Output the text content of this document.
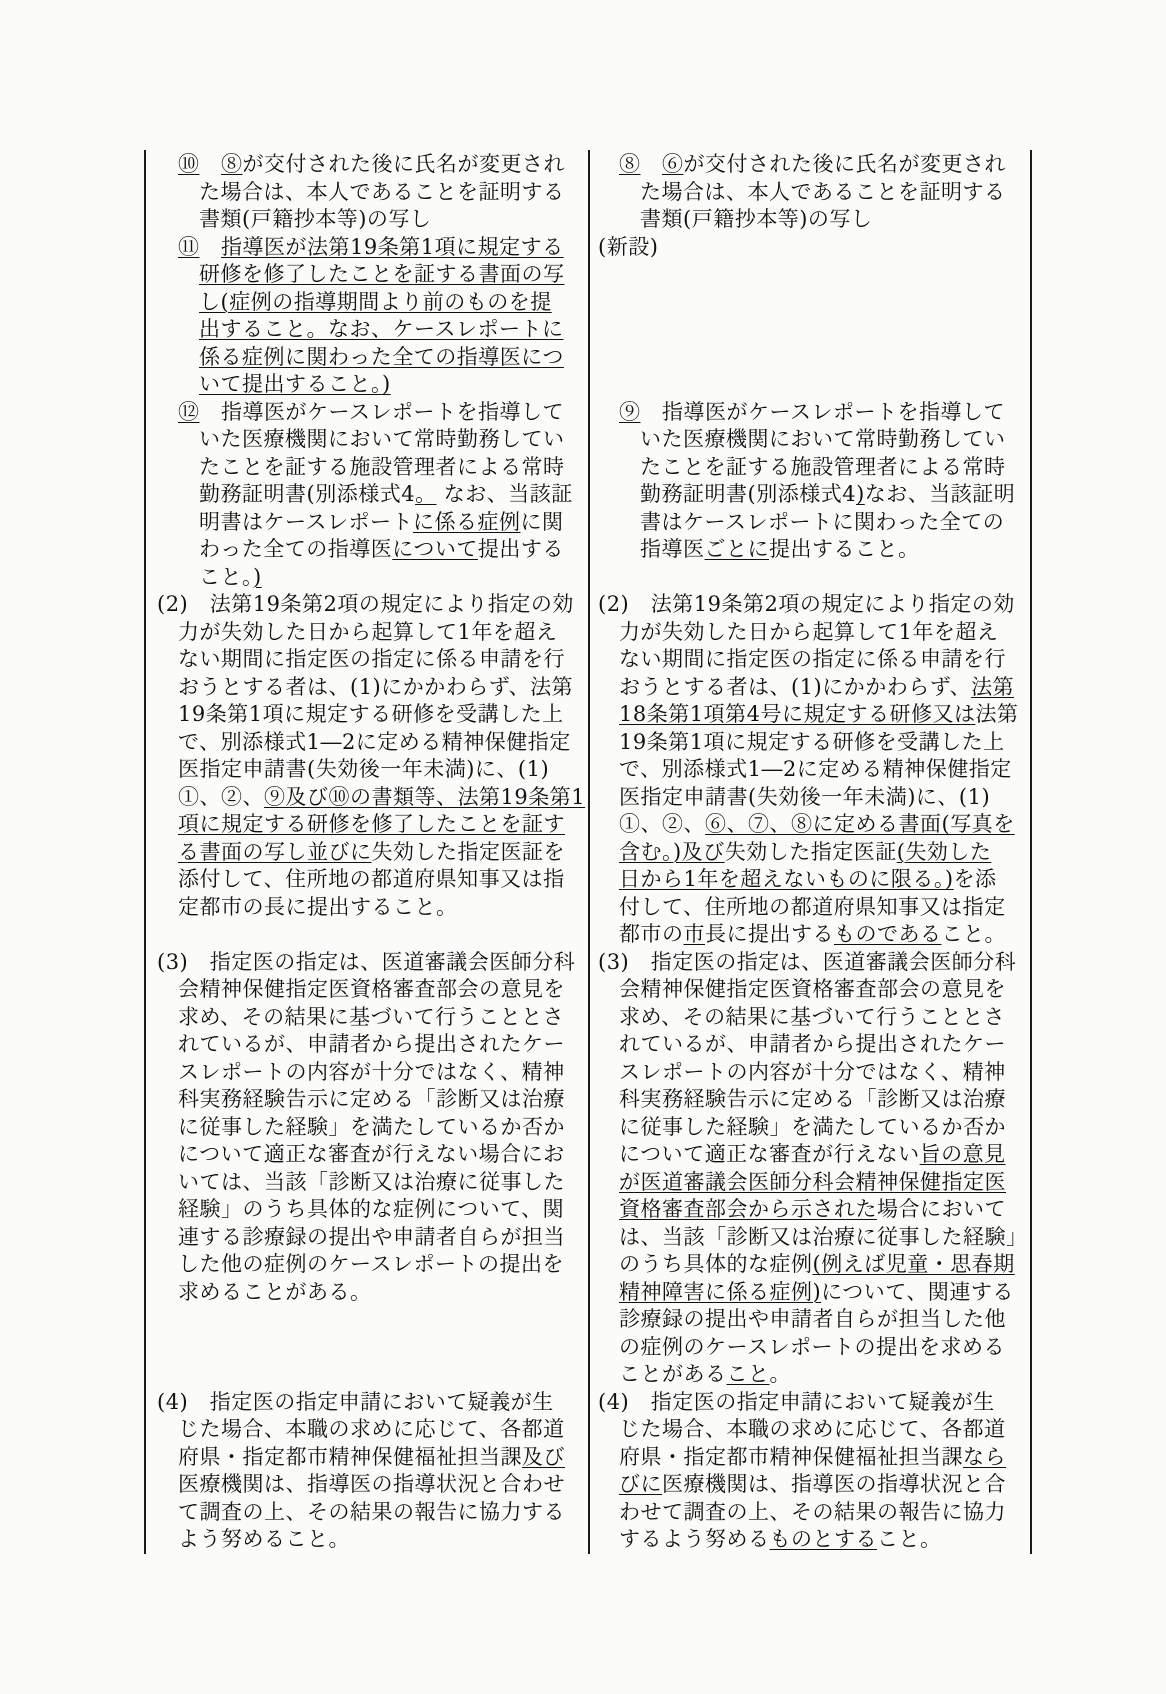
⑩　 ⑧が交付された後に氏名が変更され
た場合は、本人であることを証明する
書類(戸籍抄本等)の写し
⑪　 指導医が法第19条第1項に規定する
研修を修了したことを証する書面の写
し(症例の指導期間より前のものを提
出すること。なお、ケースレポートに
係る症例に関わった全ての指導医につ
いて提出すること。)
⑫　指導医がケースレポートを指導して
いた医療機関において常時勤務してい
たことを証する施設管理者による常時
勤務証明書(別添様式4。 なお、当該証
明書はケースレポートに係る症例に関
わった全ての指導医について提出する
こと。)
(2)　法第19条第2項の規定により指定の効
力が失効した日から起算して1年を超え
ない期間に指定医の指定に係る申請を行
おうとする者は、(1)にかかわらず、法第
19条第1項に規定する研修を受講した上
で、別添様式1―2に定める精神保健指定
医指定申請書(失効後一年未満)に、(1)
①、②、⑨及び⑩の書類等、法第19条第1
項に規定する研修を修了したことを証す
る書面の写し並びに失効した指定医証を
添付して、住所地の都道府県知事又は指
定都市の長に提出すること。
(3)　指定医の指定は、医道審議会医師分科
会精神保健指定医資格審査部会の意見を
求め、その結果に基づいて行うこととさ
れているが、申請者から提出されたケー
スレポートの内容が十分ではなく、精神
科実務経験告示に定める「診断又は治療
に従事した経験」を満たしているか否か
について適正な審査が行えない場合にお
いては、当該「診断又は治療に従事した
経験」のうち具体的な症例について、関
連する診療録の提出や申請者自らが担当
した他の症例のケースレポートの提出を
求めることがある。
(4)　指定医の指定申請において疑義が生
じた場合、本職の求めに応じて、各都道
府県・指定都市精神保健福祉担当課及び
医療機関は、指導医の指導状況と合わせ
て調査の上、その結果の報告に協力する
よう努めること。
⑧　 ⑥が交付された後に氏名が変更され
た場合は、本人であることを証明する
書類(戸籍抄本等)の写し
(新設)
⑨　指導医がケースレポートを指導して
いた医療機関において常時勤務してい
たことを証する施設管理者による常時
勤務証明書(別添様式4)なお、当該証明
書はケースレポートに関わった全ての
指導医ごとに提出すること。
(2)　法第19条第2項の規定により指定の効
力が失効した日から起算して1年を超え
ない期間に指定医の指定に係る申請を行
おうとする者は、(1)にかかわらず、法第
18条第1項第4号に規定する研修又は法第
19条第1項に規定する研修を受講した上
で、別添様式1―2に定める精神保健指定
医指定申請書(失効後一年未満)に、(1)
①、②、⑥、⑦、⑧に定める書面(写真を
含む。)及び失効した指定医証(失効した
日から1年を超えないものに限る。)を添
付して、住所地の都道府県知事又は指定
都市の市長に提出するものであること。
(3)　指定医の指定は、医道審議会医師分科
会精神保健指定医資格審査部会の意見を
求め、その結果に基づいて行うこととさ
れているが、申請者から提出されたケー
スレポートの内容が十分ではなく、精神
科実務経験告示に定める「診断又は治療
に従事した経験」を満たしているか否か
について適正な審査が行えない旨の意見
が医道審議会医師分科会精神保健指定医
資格審査部会から示された場合において
は、当該「診断又は治療に従事した経験」
のうち具体的な症例(例えば児童・思春期
精神障害に係る症例)について、関連する
診療録の提出や申請者自らが担当した他
の症例のケースレポートの提出を求める
ことがあること。
(4)　指定医の指定申請において疑義が生
じた場合、本職の求めに応じて、各都道
府県・指定都市精神保健福祉担当課なら
びに医療機関は、指導医の指導状況と合
わせて調査の上、その結果の報告に協力
するよう努めるものとすること。
